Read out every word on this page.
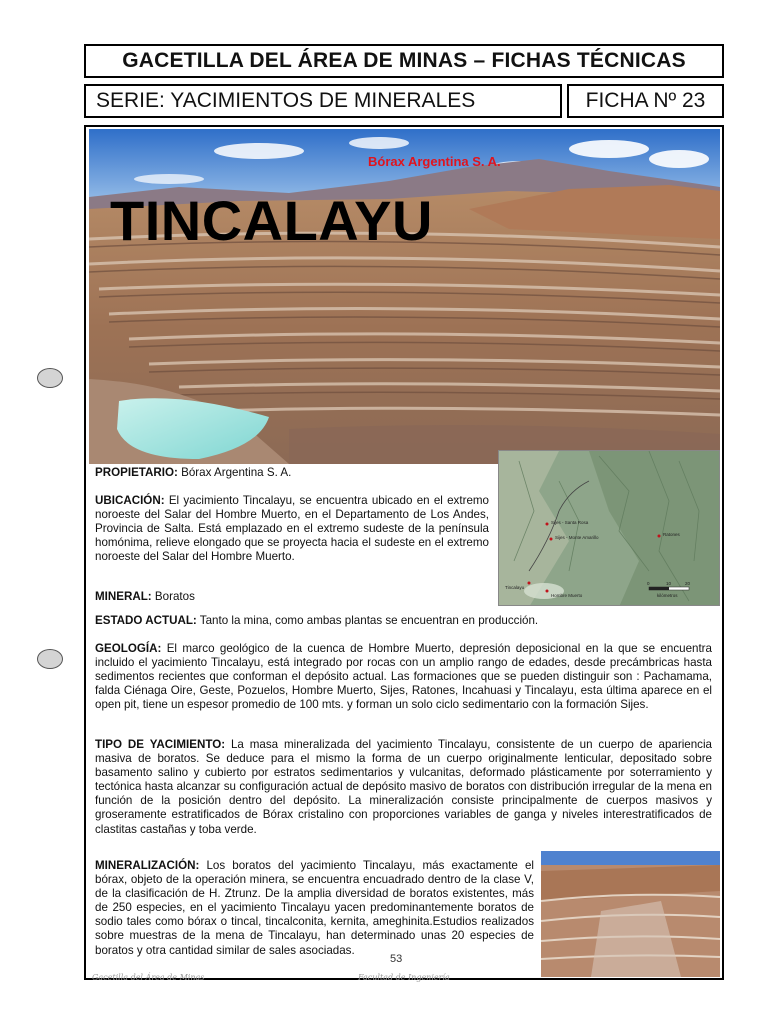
GACETILLA DEL ÁREA DE MINAS – FICHAS TÉCNICAS
SERIE: YACIMIENTOS DE MINERALES	FICHA Nº 23
Bórax Argentina S. A.
TINCALAYU
Sijes - Santa Rosa
Sijes - Monte Amarillo
Tincalayu
Hombre Muerto
Ratones
0	10	20
kilómetros

PROPIETARIO: Bórax Argentina S. A.

UBICACIÓN: El yacimiento Tincalayu, se encuentra ubicado en el extremo noroeste del Salar del Hombre Muerto, en el Departamento de Los Andes, Provincia de Salta. Está emplazado en el extremo sudeste de la península homónima, relieve elongado que se proyecta hacia el sudeste en el extremo noroeste del Salar del Hombre Muerto.

MINERAL: Boratos

ESTADO ACTUAL: Tanto la mina, como ambas plantas se encuentran en producción.

GEOLOGÍA: El marco geológico de la cuenca de Hombre Muerto, depresión deposicional en la que se encuentra incluido el yacimiento Tincalayu, está integrado por rocas con un amplio rango de edades, desde precámbricas hasta sedimentos recientes que conforman el depósito actual. Las formaciones que se pueden distinguir son : Pachamama, falda Ciénaga Oire, Geste, Pozuelos, Hombre Muerto, Sijes, Ratones, Incahuasi y Tincalayu, esta última aparece en el open pit, tiene un espesor promedio de 100 mts. y forman un solo ciclo sedimentario con la formación Sijes.

TIPO DE YACIMIENTO: La masa mineralizada del yacimiento Tincalayu, consistente de un cuerpo de apariencia masiva de boratos. Se deduce para el mismo la forma de un cuerpo originalmente lenticular, depositado sobre basamento salino y cubierto por estratos sedimentarios y vulcanitas, deformado plásticamente por soterramiento y tectónica hasta alcanzar su configuración actual de depósito masivo de boratos con distribución irregular de la mena en función de la posición dentro del depósito. La mineralización consiste principalmente de cuerpos masivos y groseramente estratificados de Bórax cristalino con proporciones variables de ganga y niveles interestratificados de clastitas castañas y toba verde.

MINERALIZACIÓN: Los boratos del yacimiento Tincalayu, más exactamente el bórax, objeto de la operación minera, se encuentra encuadrado dentro de la clase V, de la clasificación de H. Ztrunz. De la amplia diversidad de boratos existentes, más de 250 especies, en el yacimiento Tincalayu yacen predominantemente boratos de sodio tales como bórax o tincal, tincalconita, kernita, ameghinita.Estudios realizados sobre muestras de la mena de Tincalayu, han determinado unas 20 especies de boratos y otra cantidad similar de sales asociadas.

53
Gacetilla del Área de Minas	Facultad de Ingeniería
